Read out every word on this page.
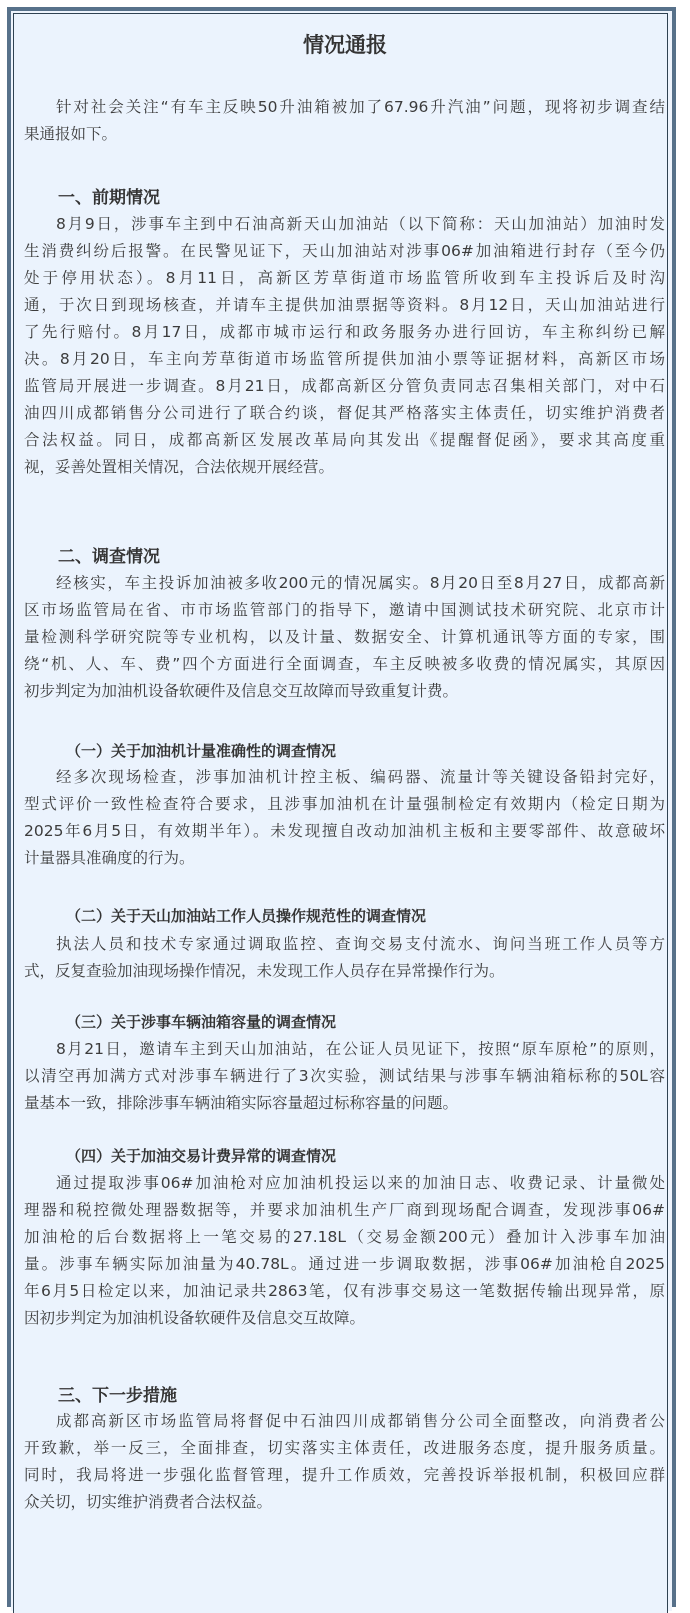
情况通报
针对社会关注“有车主反映50升油箱被加了67.96升汽油”问题，现将初步调查结
果通报如下。
一、前期情况
8月9日，涉事车主到中石油高新天山加油站（以下简称：天山加油站）加油时发
生消费纠纷后报警。在民警见证下，天山加油站对涉事06#加油箱进行封存（至今仍
处于停用状态）。8月11日，高新区芳草街道市场监管所收到车主投诉后及时沟
通，于次日到现场核查，并请车主提供加油票据等资料。8月12日，天山加油站进行
了先行赔付。8月17日，成都市城市运行和政务服务办进行回访，车主称纠纷已解
决。8月20日，车主向芳草街道市场监管所提供加油小票等证据材料，高新区市场
监管局开展进一步调查。8月21日，成都高新区分管负责同志召集相关部门，对中石
油四川成都销售分公司进行了联合约谈，督促其严格落实主体责任，切实维护消费者
合法权益。同日，成都高新区发展改革局向其发出《提醒督促函》，要求其高度重
视，妥善处置相关情况，合法依规开展经营。
二、调查情况
经核实，车主投诉加油被多收200元的情况属实。8月20日至8月27日，成都高新
区市场监管局在省、市市场监管部门的指导下，邀请中国测试技术研究院、北京市计
量检测科学研究院等专业机构，以及计量、数据安全、计算机通讯等方面的专家，围
绕“机、人、车、费”四个方面进行全面调查，车主反映被多收费的情况属实，其原因
初步判定为加油机设备软硬件及信息交互故障而导致重复计费。
（一）关于加油机计量准确性的调查情况
经多次现场检查，涉事加油机计控主板、编码器、流量计等关键设备铅封完好，
型式评价一致性检查符合要求，且涉事加油机在计量强制检定有效期内（检定日期为
2025年6月5日，有效期半年）。未发现擅自改动加油机主板和主要零部件、故意破坏
计量器具准确度的行为。
（二）关于天山加油站工作人员操作规范性的调查情况
执法人员和技术专家通过调取监控、查询交易支付流水、询问当班工作人员等方
式，反复查验加油现场操作情况，未发现工作人员存在异常操作行为。
（三）关于涉事车辆油箱容量的调查情况
8月21日，邀请车主到天山加油站，在公证人员见证下，按照“原车原枪”的原则，
以清空再加满方式对涉事车辆进行了3次实验，测试结果与涉事车辆油箱标称的50L容
量基本一致，排除涉事车辆油箱实际容量超过标称容量的问题。
（四）关于加油交易计费异常的调查情况
通过提取涉事06#加油枪对应加油机投运以来的加油日志、收费记录、计量微处
理器和税控微处理器数据等，并要求加油机生产厂商到现场配合调查，发现涉事06#
加油枪的后台数据将上一笔交易的27.18L（交易金额200元）叠加计入涉事车加油
量。涉事车辆实际加油量为40.78L。通过进一步调取数据，涉事06#加油枪自2025
年6月5日检定以来，加油记录共2863笔，仅有涉事交易这一笔数据传输出现异常，原
因初步判定为加油机设备软硬件及信息交互故障。
三、下一步措施
成都高新区市场监管局将督促中石油四川成都销售分公司全面整改，向消费者公
开致歉，举一反三，全面排查，切实落实主体责任，改进服务态度，提升服务质量。
同时，我局将进一步强化监督管理，提升工作质效，完善投诉举报机制，积极回应群
众关切，切实维护消费者合法权益。
